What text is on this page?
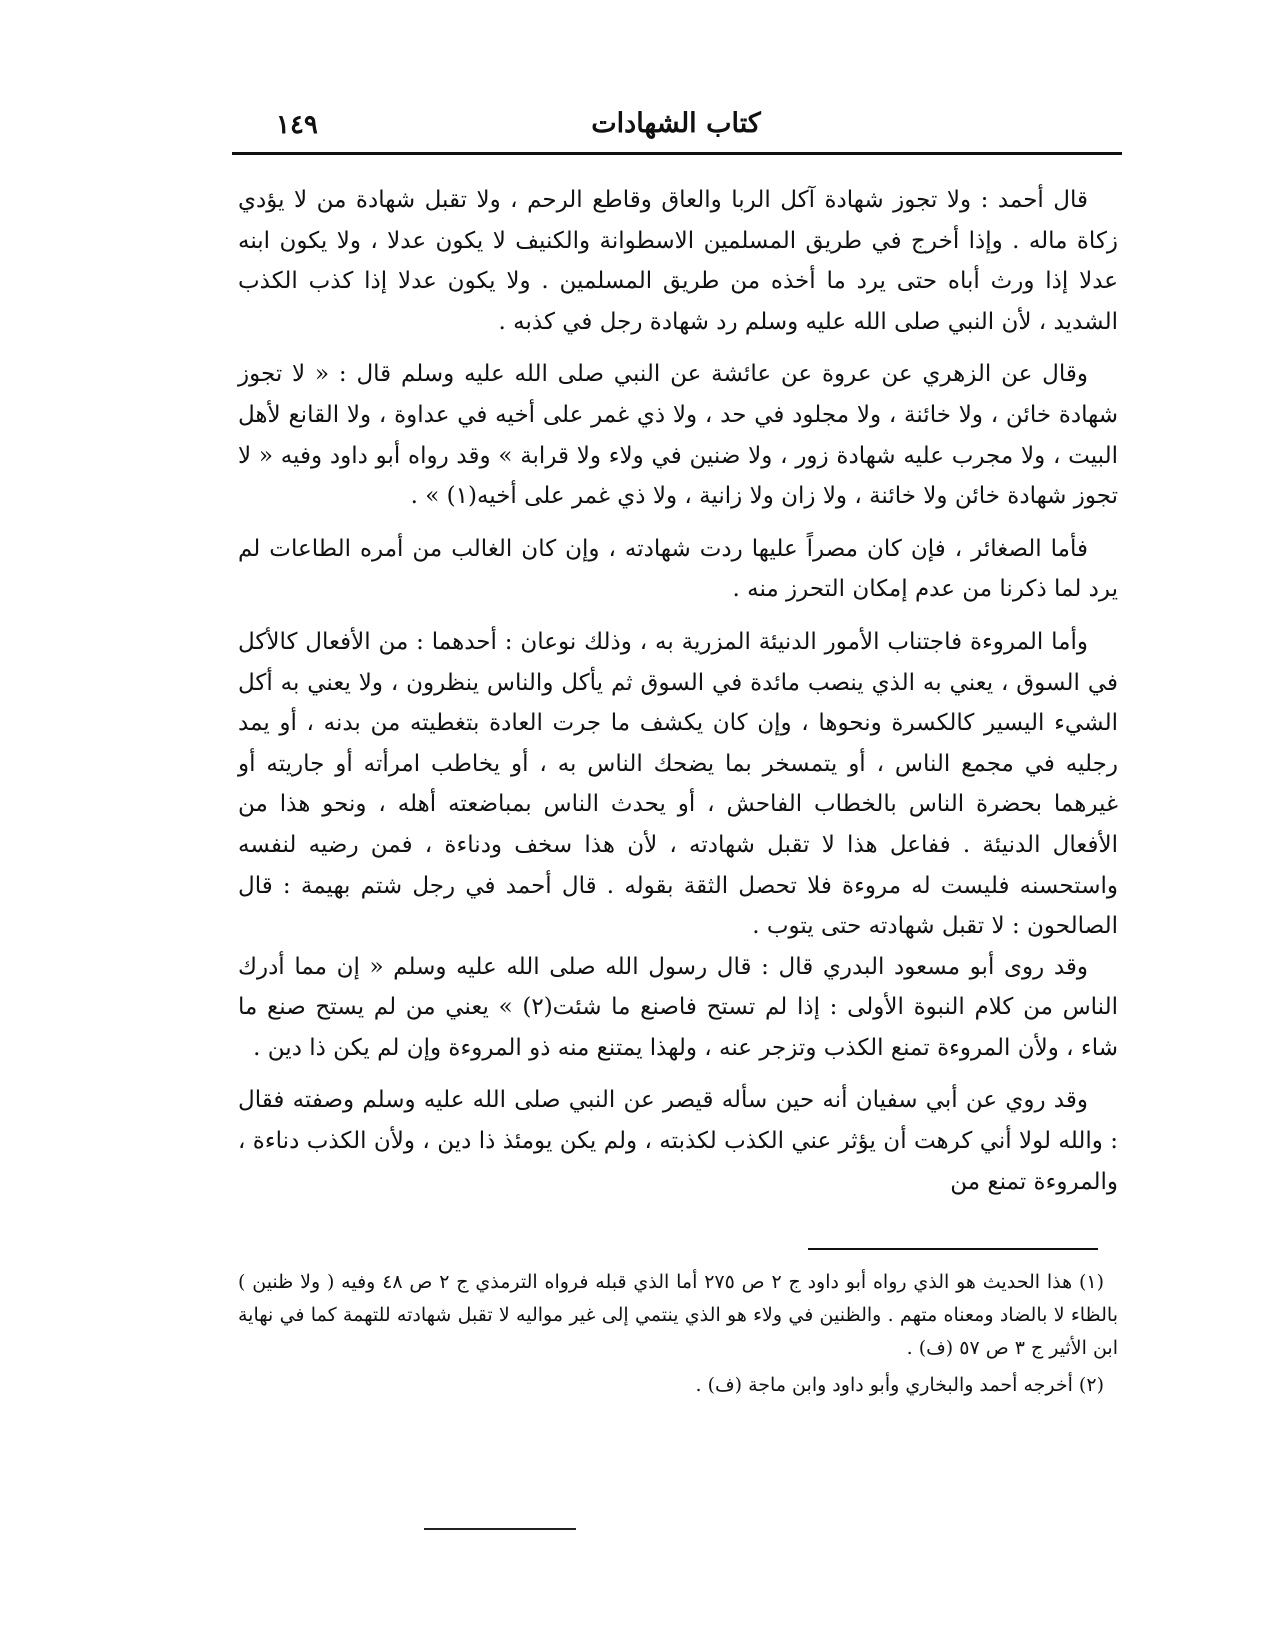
كتاب الشهادات
١٤٩

قال أحمد : ولا تجوز شهادة آكل الربا والعاق وقاطع الرحم ، ولا تقبل شهادة من لا يؤدي زكاة ماله . وإذا أخرج في طريق المسلمين الاسطوانة والكنيف لا يكون عدلا ، ولا يكون ابنه عدلا إذا ورث أباه حتى يرد ما أخذه من طريق المسلمين . ولا يكون عدلا إذا كذب الكذب الشديد ، لأن النبي صلى الله عليه وسلم رد شهادة رجل في كذبه .

وقال عن الزهري عن عروة عن عائشة عن النبي صلى الله عليه وسلم قال : « لا تجوز شهادة خائن ، ولا خائنة ، ولا مجلود في حد ، ولا ذي غمر على أخيه في عداوة ، ولا القانع لأهل البيت ، ولا مجرب عليه شهادة زور ، ولا ضنين في ولاء ولا قرابة » وقد رواه أبو داود وفيه « لا تجوز شهادة خائن ولا خائنة ، ولا زان ولا زانية ، ولا ذي غمر على أخيه(١) » .

فأما الصغائر ، فإن كان مصراً عليها ردت شهادته ، وإن كان الغالب من أمره الطاعات لم يرد لما ذكرنا من عدم إمكان التحرز منه .

وأما المروءة فاجتناب الأمور الدنيئة المزرية به ، وذلك نوعان : أحدهما : من الأفعال كالأكل في السوق ، يعني به الذي ينصب مائدة في السوق ثم يأكل والناس ينظرون ، ولا يعني به أكل الشيء اليسير كالكسرة ونحوها ، وإن كان يكشف ما جرت العادة بتغطيته من بدنه ، أو يمد رجليه في مجمع الناس ، أو يتمسخر بما يضحك الناس به ، أو يخاطب امرأته أو جاريته أو غيرهما بحضرة الناس بالخطاب الفاحش ، أو يحدث الناس بمباضعته أهله ، ونحو هذا من الأفعال الدنيئة . ففاعل هذا لا تقبل شهادته ، لأن هذا سخف ودناءة ، فمن رضيه لنفسه واستحسنه فليست له مروءة فلا تحصل الثقة بقوله . قال أحمد في رجل شتم بهيمة : قال الصالحون : لا تقبل شهادته حتى يتوب .

وقد روى أبو مسعود البدري قال : قال رسول الله صلى الله عليه وسلم « إن مما أدرك الناس من كلام النبوة الأولى : إذا لم تستح فاصنع ما شئت(٢) » يعني من لم يستح صنع ما شاء ، ولأن المروءة تمنع الكذب وتزجر عنه ، ولهذا يمتنع منه ذو المروءة وإن لم يكن ذا دين .

وقد روي عن أبي سفيان أنه حين سأله قيصر عن النبي صلى الله عليه وسلم وصفته فقال : والله لولا أني كرهت أن يؤثر عني الكذب لكذبته ، ولم يكن يومئذ ذا دين ، ولأن الكذب دناءة ، والمروءة تمنع من

(١) هذا الحديث هو الذي رواه أبو داود ج ٢ ص ٢٧٥ أما الذي قبله فرواه الترمذي ج ٢ ص ٤٨ وفيه ( ولا ظنين ) بالظاء لا بالضاد ومعناه متهم . والظنين في ولاء هو الذي ينتمي إلى غير مواليه لا تقبل شهادته للتهمة كما في نهاية ابن الأثير ج ٣ ص ٥٧ (ف) .

(٢) أخرجه أحمد والبخاري وأبو داود وابن ماجة (ف) .
